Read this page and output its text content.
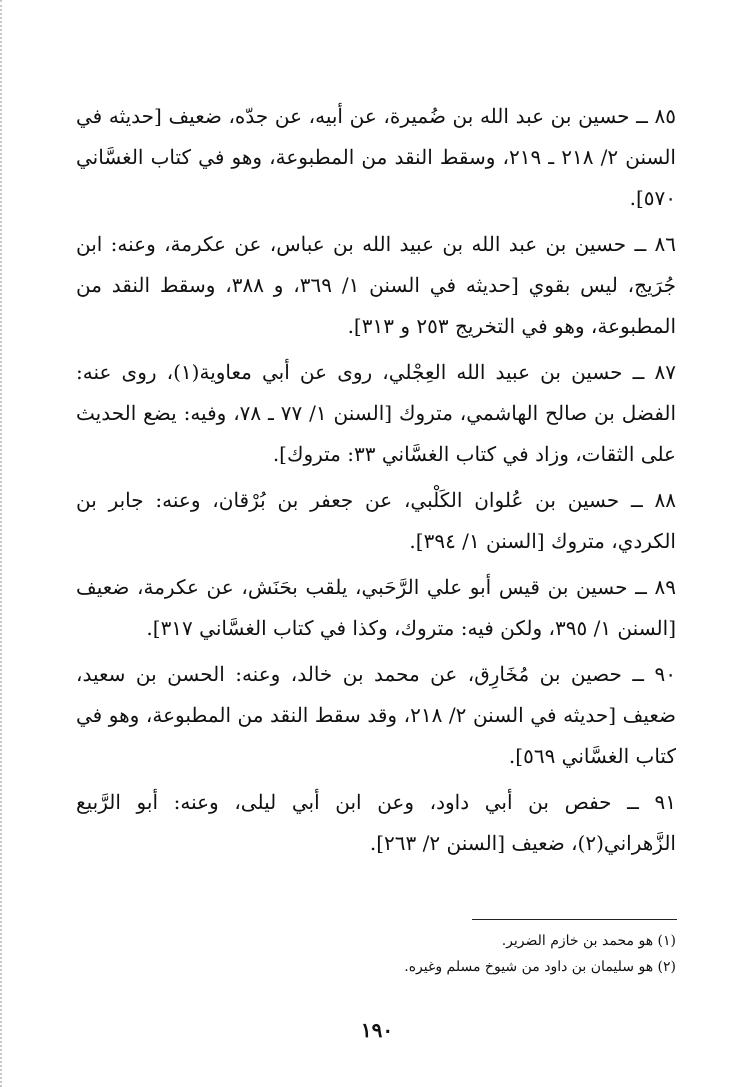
٨٥ ــ حسين بن عبد الله بن ضُميرة، عن أبيه، عن جدّه، ضعيف [حديثه في السنن ٢/ ٢١٨ ـ ٢١٩، وسقط النقد من المطبوعة، وهو في كتاب الغسَّاني ٥٧٠].

٨٦ ــ حسين بن عبد الله بن عبيد الله بن عباس، عن عكرمة، وعنه: ابن جُرَيج، ليس بقوي [حديثه في السنن ١/ ٣٦٩، و ٣٨٨، وسقط النقد من المطبوعة، وهو في التخريج ٢٥٣ و ٣١٣].

٨٧ ــ حسين بن عبيد الله العِجْلي، روى عن أبي معاوية(١)، روى عنه: الفضل بن صالح الهاشمي، متروك [السنن ١/ ٧٧ ـ ٧٨، وفيه: يضع الحديث على الثقات، وزاد في كتاب الغسَّاني ٣٣: متروك].

٨٨ ــ حسين بن عُلوان الكَلْبي، عن جعفر بن بُرْقان، وعنه: جابر بن الكردي، متروك [السنن ١/ ٣٩٤].

٨٩ ــ حسين بن قيس أبو علي الرَّحَبي، يلقب بحَنَش، عن عكرمة، ضعيف [السنن ١/ ٣٩٥، ولكن فيه: متروك، وكذا في كتاب الغسَّاني ٣١٧].

٩٠ ــ حصين بن مُخَارِق، عن محمد بن خالد، وعنه: الحسن بن سعيد، ضعيف [حديثه في السنن ٢/ ٢١٨، وقد سقط النقد من المطبوعة، وهو في كتاب الغسَّاني ٥٦٩].

٩١ ــ حفص بن أبي داود، وعن ابن أبي ليلى، وعنه: أبو الرَّبيع الزَّهراني(٢)، ضعيف [السنن ٢/ ٢٦٣].

(١) هو محمد بن خازم الضرير.

(٢) هو سليمان بن داود من شيوخ مسلم وغيره.

١٩٠
